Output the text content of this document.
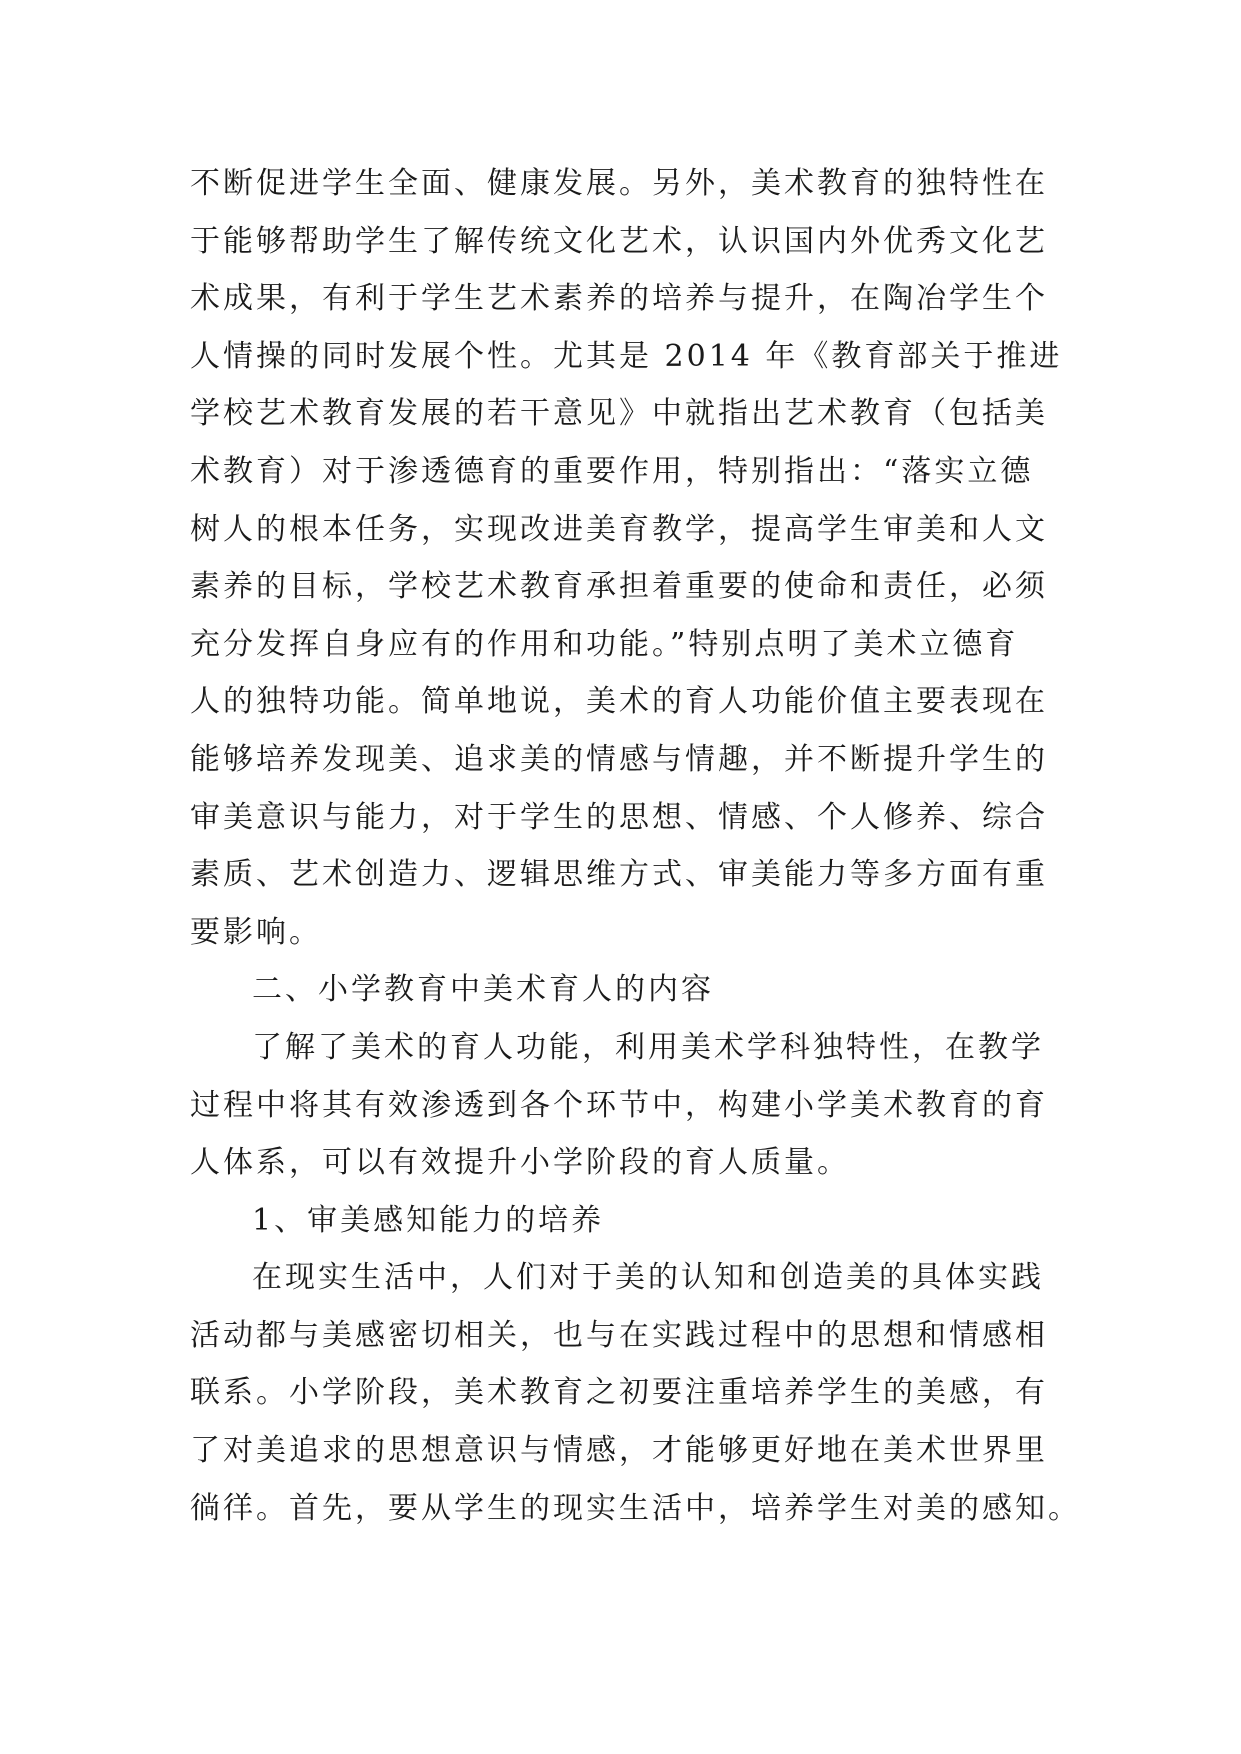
不断促进学生全面、健康发展。另外，美术教育的独特性在
于能够帮助学生了解传统文化艺术，认识国内外优秀文化艺
术成果，有利于学生艺术素养的培养与提升，在陶冶学生个
人情操的同时发展个性。尤其是 2014 年《教育部关于推进
学校艺术教育发展的若干意见》中就指出艺术教育（包括美
术教育）对于渗透德育的重要作用，特别指出：“落实立德
树人的根本任务，实现改进美育教学，提高学生审美和人文
素养的目标，学校艺术教育承担着重要的使命和责任，必须
充分发挥自身应有的作用和功能。”特别点明了美术立德育
人的独特功能。简单地说，美术的育人功能价值主要表现在
能够培养发现美、追求美的情感与情趣，并不断提升学生的
审美意识与能力，对于学生的思想、情感、个人修养、综合
素质、艺术创造力、逻辑思维方式、审美能力等多方面有重
要影响。
二、小学教育中美术育人的内容
了解了美术的育人功能，利用美术学科独特性，在教学
过程中将其有效渗透到各个环节中，构建小学美术教育的育
人体系，可以有效提升小学阶段的育人质量。
1、审美感知能力的培养
在现实生活中，人们对于美的认知和创造美的具体实践
活动都与美感密切相关，也与在实践过程中的思想和情感相
联系。小学阶段，美术教育之初要注重培养学生的美感，有
了对美追求的思想意识与情感，才能够更好地在美术世界里
徜徉。首先，要从学生的现实生活中，培养学生对美的感知。
